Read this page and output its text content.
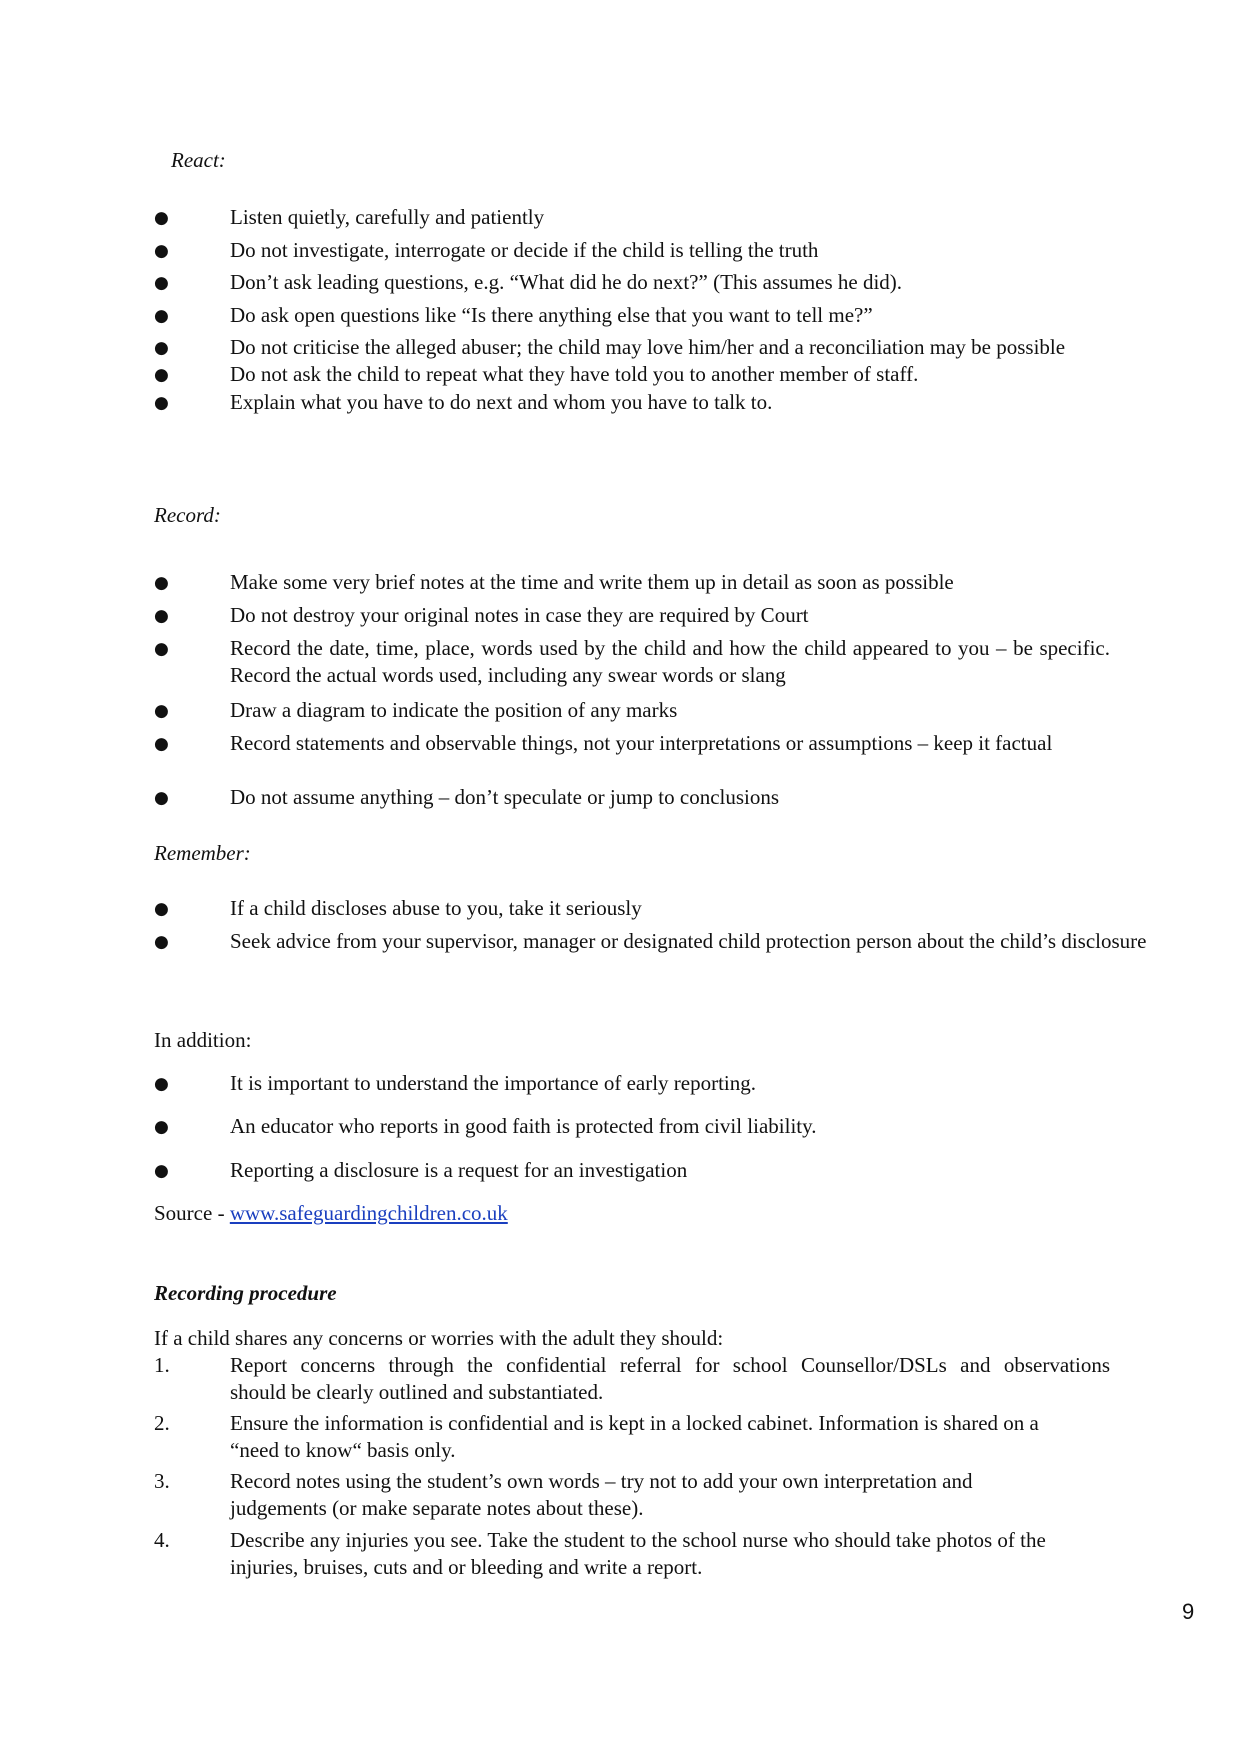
React:
●	Listen quietly, carefully and patiently
●	Do not investigate, interrogate or decide if the child is telling the truth
●	Don’t ask leading questions, e.g. “What did he do next?” (This assumes he did).
●	Do ask open questions like “Is there anything else that you want to tell me?”
●	Do not criticise the alleged abuser; the child may love him/her and a reconciliation may be possible
●	Do not ask the child to repeat what they have told you to another member of staff.
●	Explain what you have to do next and whom you have to talk to.
Record:
●	Make some very brief notes at the time and write them up in detail as soon as possible
●	Do not destroy your original notes in case they are required by Court
●	Record the date, time, place, words used by the child and how the child appeared to you – be specific. Record the actual words used, including any swear words or slang
●	Draw a diagram to indicate the position of any marks
●	Record statements and observable things, not your interpretations or assumptions – keep it factual
●	Do not assume anything – don’t speculate or jump to conclusions
Remember:
●	If a child discloses abuse to you, take it seriously
●	Seek advice from your supervisor, manager or designated child protection person about the child’s disclosure
In addition:
●	It is important to understand the importance of early reporting.
●	An educator who reports in good faith is protected from civil liability.
●	Reporting a disclosure is a request for an investigation
Source - www.safeguardingchildren.co.uk
Recording procedure
If a child shares any concerns or worries with the adult they should:
1.	Report concerns through the confidential referral for school Counsellor/DSLs and observations
should be clearly outlined and substantiated.
2.	Ensure the information is confidential and is kept in a locked cabinet. Information is shared on a
“need to know“ basis only.
3.	Record notes using the student’s own words – try not to add your own interpretation and
judgements (or make separate notes about these).
4.	Describe any injuries you see. Take the student to the school nurse who should take photos of the
injuries, bruises, cuts and or bleeding and write a report.
9
